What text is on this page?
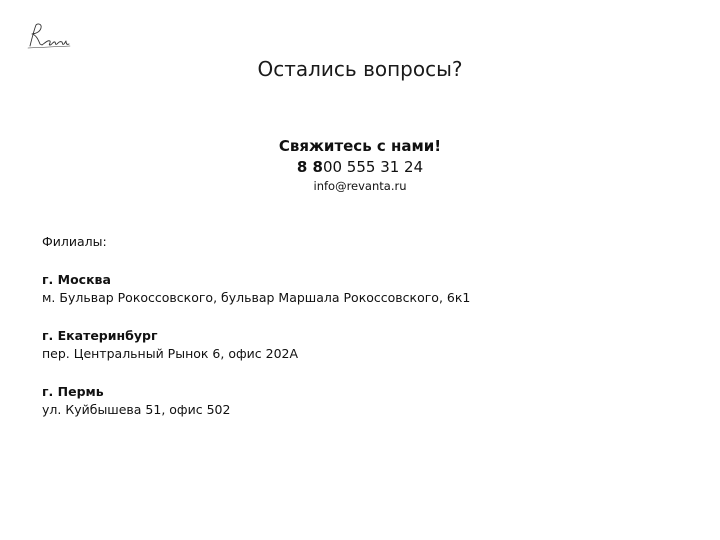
Остались вопросы?

Свяжитесь с нами!

8 800 555 31 24

info@revanta.ru

Филиалы:

г. Москва

м. Бульвар Рокоссовского, бульвар Маршала Рокоссовского, 6к1

г. Екатеринбург

пер. Центральный Рынок 6, офис 202А

г. Пермь

ул. Куйбышева 51, офис 502
